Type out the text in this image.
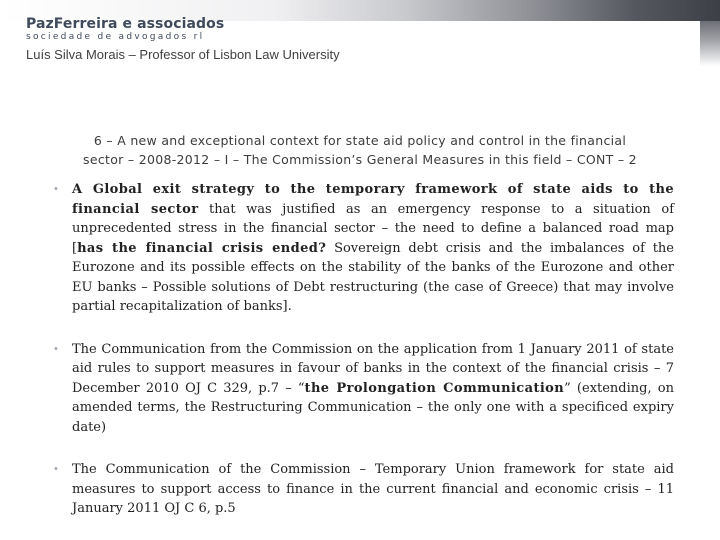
PazFerreira e associados
sociedade de advogados rl
Luís Silva Morais – Professor of Lisbon Law University
6 – A new and exceptional context for state aid policy and control in the financial
sector – 2008-2012 – I – The Commission’s General Measures in this field – CONT – 2
• A Global exit strategy to the temporary framework of state aids to the financial sector that was justified as an emergency response to a situation of unprecedented stress in the financial sector – the need to define a balanced road map [has the financial crisis ended? Sovereign debt crisis and the imbalances of the Eurozone and its possible effects on the stability of the banks of the Eurozone and other EU banks – Possible solutions of Debt restructuring (the case of Greece) that may involve partial recapitalization of banks].
• The Communication from the Commission on the application from 1 January 2011 of state aid rules to support measures in favour of banks in the context of the financial crisis – 7 December 2010 OJ C 329, p.7 – “the Prolongation Communication” (extending, on amended terms, the Restructuring Communication – the only one with a specificed expiry date)
• The Communication of the Commission – Temporary Union framework for state aid measures to support access to finance in the current financial and economic crisis – 11 January 2011 OJ C 6, p.5
